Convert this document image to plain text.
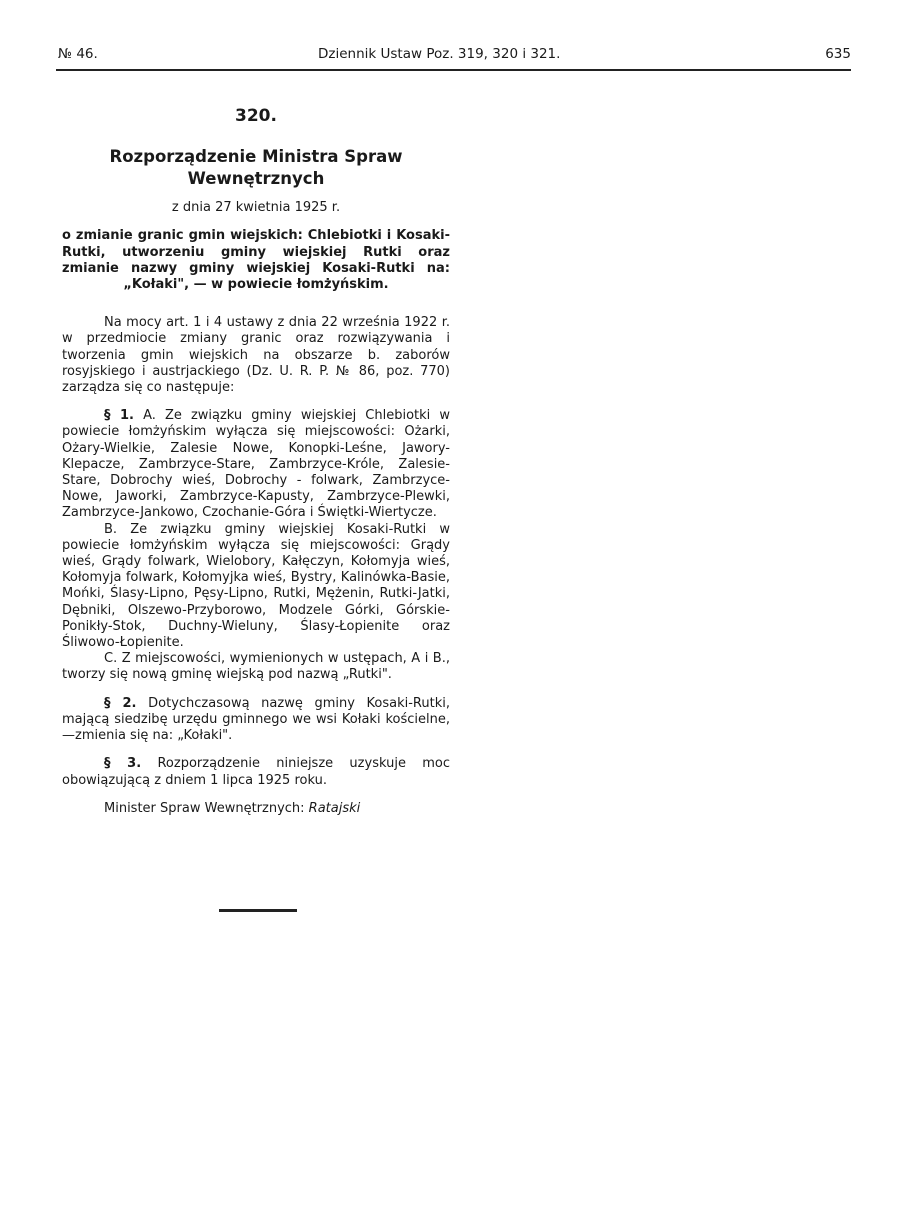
№ 46.	Dziennik Ustaw Poz. 319, 320 i 321.	635
320.
Rozporządzenie Ministra Spraw Wewnętrznych
z dnia 27 kwietnia 1925 r.
o zmianie granic gmin wiejskich: Chlebiotki i Kosaki-Rutki, utworzeniu gminy wiejskiej Rutki oraz zmianie nazwy gminy wiejskiej Kosaki-Rutki na: „Kołaki", — w powiecie łomżyńskim.

Na mocy art. 1 i 4 ustawy z dnia 22 września 1922 r. w przedmiocie zmiany granic oraz rozwiązywania i tworzenia gmin wiejskich na obszarze b. zaborów rosyjskiego i austrjackiego (Dz. U. R. P. № 86, poz. 770) zarządza się co następuje:

§ 1. A. Ze związku gminy wiejskiej Chlebiotki w powiecie łomżyńskim wyłącza się miejscowości: Ożarki, Ożary-Wielkie, Zalesie Nowe, Konopki-Leśne, Jawory-Klepacze, Zambrzyce-Stare, Zambrzyce-Króle, Zalesie-Stare, Dobrochy wieś, Dobrochy - folwark, Zambrzyce-Nowe, Jaworki, Zambrzyce-Kapusty, Zambrzyce-Plewki, Zambrzyce-Jankowo, Czochanie-Góra i Świętki-Wiertycze.

B. Ze związku gminy wiejskiej Kosaki-Rutki w powiecie łomżyńskim wyłącza się miejscowości: Grądy wieś, Grądy folwark, Wielobory, Kałęczyn, Kołomyja wieś, Kołomyja folwark, Kołomyjka wieś, Bystry, Kalinówka-Basie, Mońki, Ślasy-Lipno, Pęsy-Lipno, Rutki, Mężenin, Rutki-Jatki, Dębniki, Olszewo-Przyborowo, Modzele Górki, Górskie-Ponikły-Stok, Duchny-Wieluny, Ślasy-Łopienite oraz Śliwowo-Łopienite.

C. Z miejscowości, wymienionych w ustępach, A i B., tworzy się nową gminę wiejską pod nazwą „Rutki".

§ 2. Dotychczasową nazwę gminy Kosaki-Rutki, mającą siedzibę urzędu gminnego we wsi Kołaki kościelne,—zmienia się na: „Kołaki".

§ 3. Rozporządzenie niniejsze uzyskuje moc obowiązującą z dniem 1 lipca 1925 roku.

Minister Spraw Wewnętrznych: Ratajski
